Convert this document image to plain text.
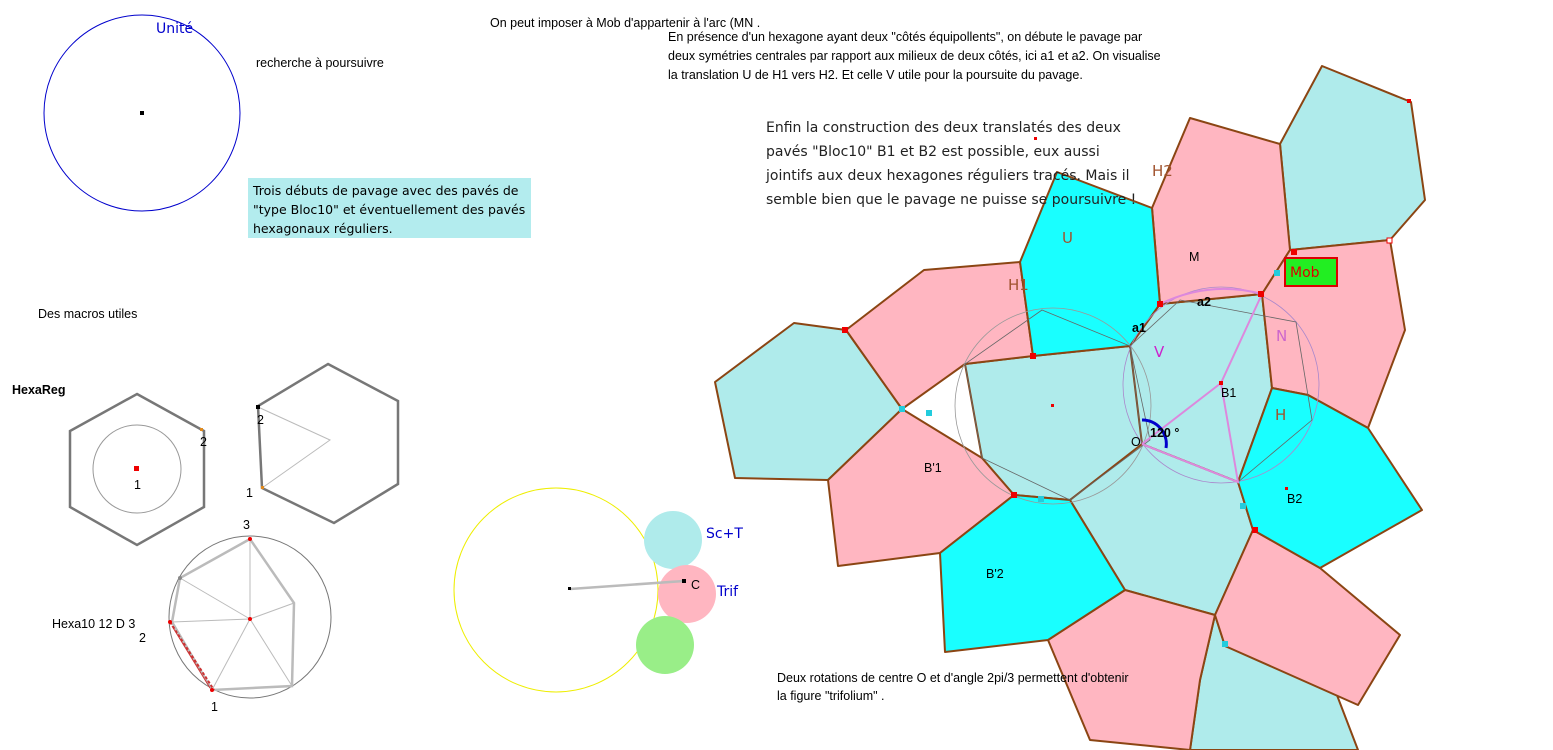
Unité
1
2
HexaReg
2
1
3
2
1
Hexa10 12 D 3
C
Sc+T
Trif
H2
U
M
H1
a1
a2
V
N
B1
O
120 °
H
B'1
B2
B'2
On peut imposer à Mob d'appartenir à l'arc (MN .
recherche à poursuivre
Des macros utiles
Trois débuts de pavage avec des pavés de
"type Bloc10" et éventuellement des pavés
hexagonaux réguliers.
En présence d'un hexagone ayant deux "côtés équipollents", on débute le pavage par
deux symétries centrales par rapport aux milieux de deux côtés, ici a1 et a2. On visualise
la translation U de H1 vers H2. Et celle V utile pour la poursuite du pavage.
Enfin la construction des deux translatés des deux
pavés "Bloc10" B1 et B2 est possible, eux aussi
jointifs aux deux hexagones réguliers tracés. Mais il
semble bien que le pavage ne puisse se poursuivre !
Deux rotations de centre O et d'angle 2pi/3 permettent d'obtenir
la figure "trifolium" .
Mob
